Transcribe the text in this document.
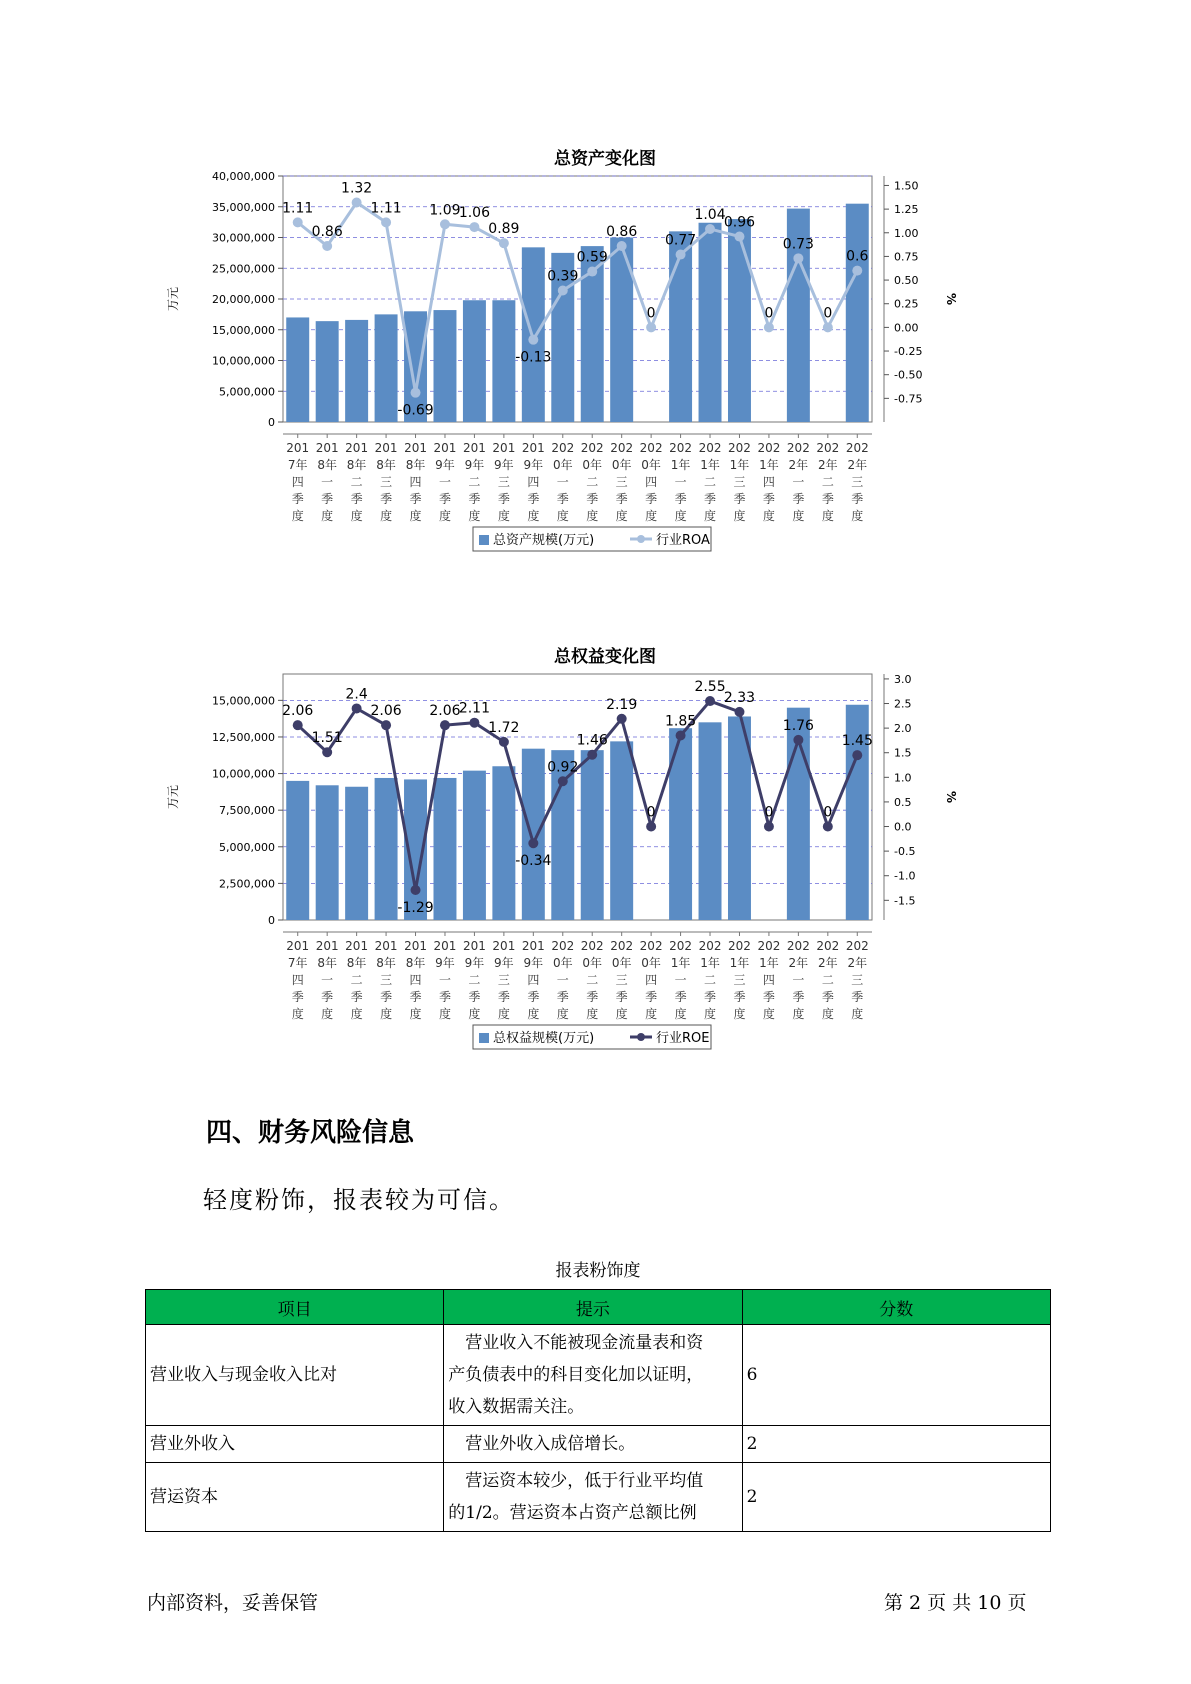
总资产变化图
0
5,000,000
10,000,000
15,000,000
20,000,000
25,000,000
30,000,000
35,000,000
40,000,000
-0.75
-0.50
-0.25
0.00
0.25
0.50
0.75
1.00
1.25
1.50
万元	%
1.11
0.86
1.32
1.11
-0.69
1.09
1.06
0.89
-0.13
0.39
0.59
0.86
0
0.77
1.04
0.96
0
0.73
0
0.6
201 7年四季度
201 8年一季度
201 8年二季度
201 8年三季度
201 8年四季度
201 9年一季度
201 9年二季度
201 9年三季度
201 9年四季度
202 0年一季度
202 0年二季度
202 0年三季度
202 0年四季度
202 1年一季度
202 1年二季度
202 1年三季度
202 1年四季度
202 2年一季度
202 2年二季度
202 2年三季度
总资产规模(万元)	行业ROA
总权益变化图
0
2,500,000
5,000,000
7,500,000
10,000,000
12,500,000
15,000,000
-1.5
-1.0
-0.5
0.0
0.5
1.0
1.5
2.0
2.5
3.0
万元	%
2.06
1.51
2.4
2.06
-1.29
2.06
2.11
1.72
-0.34
0.92
1.46
2.19
0
1.85
2.55
2.33
0
1.76
0
1.45
201 7年四季度
201 8年一季度
201 8年二季度
201 8年三季度
201 8年四季度
201 9年一季度
201 9年二季度
201 9年三季度
201 9年四季度
202 0年一季度
202 0年二季度
202 0年三季度
202 0年四季度
202 1年一季度
202 1年二季度
202 1年三季度
202 1年四季度
202 2年一季度
202 2年二季度
202 2年三季度
总权益规模(万元)	行业ROE
四、财务风险信息
轻度粉饰，报表较为可信。
报表粉饰度
项目	提示	分数
营业收入与现金收入比对	　营业收入不能被现金流量表和资
产负债表中的科目变化加以证明，
收入数据需关注。	6
营业外收入	　营业外收入成倍增长。	2
营运资本	　营运资本较少，低于行业平均值
的1/2。营运资本占资产总额比例	2
内部资料，妥善保管	第 2 页 共 10 页
